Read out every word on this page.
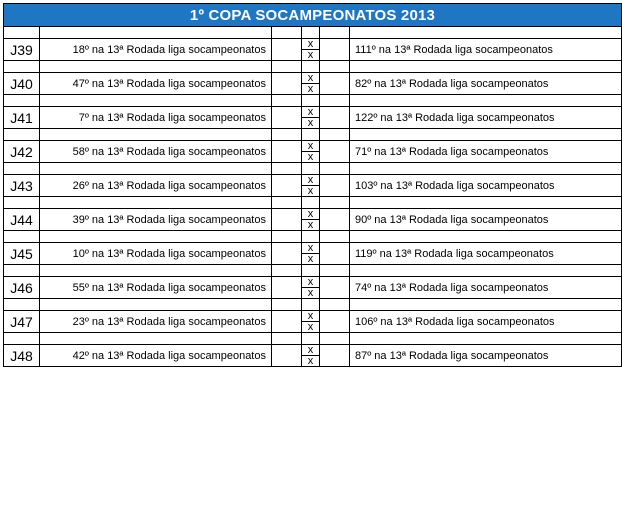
1º COPA SOCAMPEONATOS 2013					

J39	18º na 13ª Rodada liga socampeonatos		x
x		111º na 13ª Rodada liga socampeonatos

J40	47º na 13ª Rodada liga socampeonatos		x
x		82º na 13ª Rodada liga socampeonatos

J41	7º na 13ª Rodada liga socampeonatos		x
x		122º na 13ª Rodada liga socampeonatos

J42	58º na 13ª Rodada liga socampeonatos		x
x		71º na 13ª Rodada liga socampeonatos

J43	26º na 13ª Rodada liga socampeonatos		x
x		103º na 13ª Rodada liga socampeonatos

J44	39º na 13ª Rodada liga socampeonatos		x
x		90º na 13ª Rodada liga socampeonatos

J45	10º na 13ª Rodada liga socampeonatos		x
x		119º na 13ª Rodada liga socampeonatos

J46	55º na 13ª Rodada liga socampeonatos		x
x		74º na 13ª Rodada liga socampeonatos

J47	23º na 13ª Rodada liga socampeonatos		x
x		106º na 13ª Rodada liga socampeonatos

J48	42º na 13ª Rodada liga socampeonatos		x
x		87º na 13ª Rodada liga socampeonatos
